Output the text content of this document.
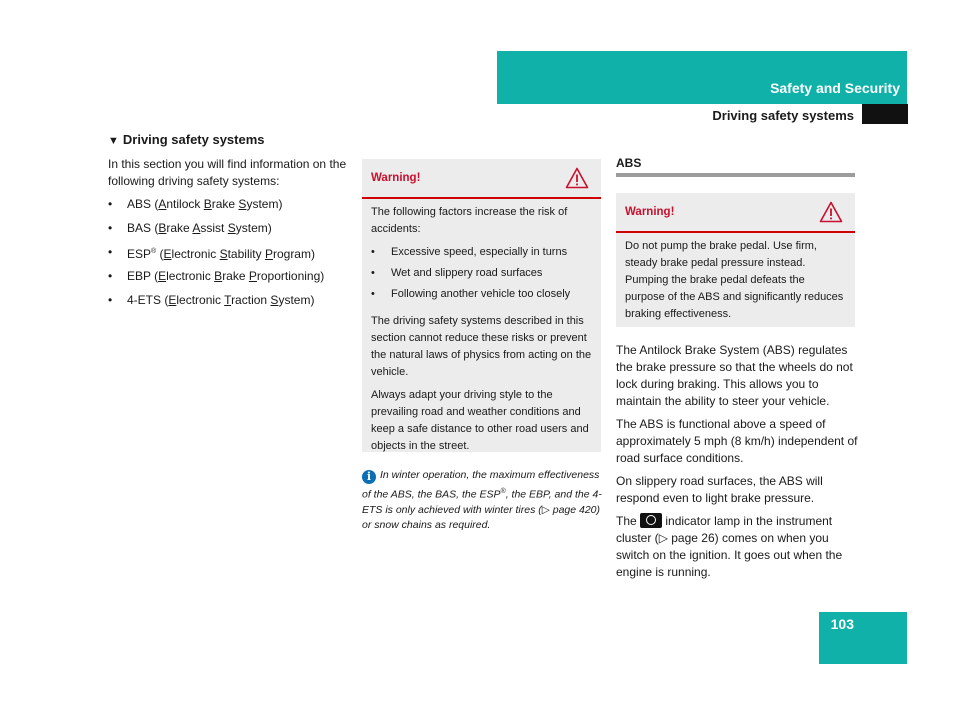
Safety and Security
Driving safety systems
▼ Driving safety systems
In this section you will find information on the following driving safety systems:
• ABS (Antilock Brake System)
• BAS (Brake Assist System)
• ESP® (Electronic Stability Program)
• EBP (Electronic Brake Proportioning)
• 4-ETS (Electronic Traction System)
Warning!

The following factors increase the risk of accidents:

• Excessive speed, especially in turns
• Wet and slippery road surfaces
• Following another vehicle too closely

The driving safety systems described in this section cannot reduce these risks or prevent the natural laws of physics from acting on the vehicle.

Always adapt your driving style to the prevailing road and weather conditions and keep a safe distance to other road users and objects in the street.

i In winter operation, the maximum effectiveness of the ABS, the BAS, the ESP®, the EBP, and the 4-ETS is only achieved with winter tires (▷ page 420) or snow chains as required.
ABS
Warning!

Do not pump the brake pedal. Use firm, steady brake pedal pressure instead. Pumping the brake pedal defeats the purpose of the ABS and significantly reduces braking effectiveness.

The Antilock Brake System (ABS) regulates the brake pressure so that the wheels do not lock during braking. This allows you to maintain the ability to steer your vehicle.

The ABS is functional above a speed of approximately 5 mph (8 km/h) independent of road surface conditions.

On slippery road surfaces, the ABS will respond even to light brake pressure.

The indicator lamp in the instrument cluster (▷ page 26) comes on when you switch on the ignition. It goes out when the engine is running.

103
